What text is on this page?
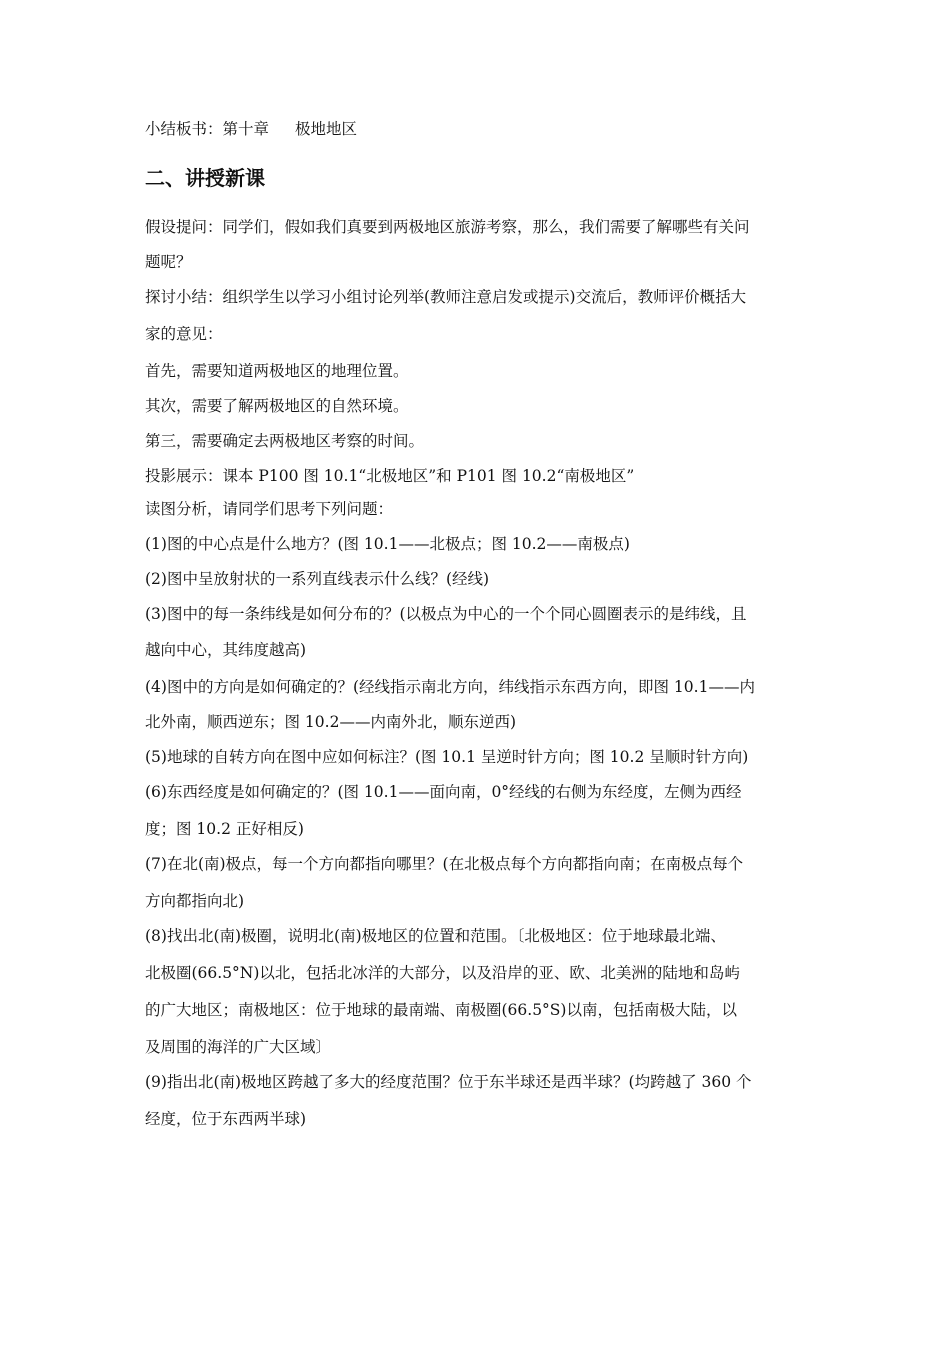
小结板书：第十章 极地地区
二、讲授新课
假设提问：同学们，假如我们真要到两极地区旅游考察，那么，我们需要了解哪些有关问
题呢？
探讨小结：组织学生以学习小组讨论列举(教师注意启发或提示)交流后，教师评价概括大
家的意见：
首先，需要知道两极地区的地理位置。
其次，需要了解两极地区的自然环境。
第三，需要确定去两极地区考察的时间。
投影展示：课本 P100 图 10.1“北极地区”和 P101 图 10.2“南极地区”
读图分析，请同学们思考下列问题：
(1)图的中心点是什么地方？(图 10.1——北极点；图 10.2——南极点)
(2)图中呈放射状的一系列直线表示什么线？(经线)
(3)图中的每一条纬线是如何分布的？(以极点为中心的一个个同心圆圈表示的是纬线，且
越向中心，其纬度越高)
(4)图中的方向是如何确定的？(经线指示南北方向，纬线指示东西方向，即图 10.1——内
北外南，顺西逆东；图 10.2——内南外北，顺东逆西)
(5)地球的自转方向在图中应如何标注？(图 10.1 呈逆时针方向；图 10.2 呈顺时针方向)
(6)东西经度是如何确定的？(图 10.1——面向南，0°经线的右侧为东经度，左侧为西经
度；图 10.2 正好相反)
(7)在北(南)极点，每一个方向都指向哪里？(在北极点每个方向都指向南；在南极点每个
方向都指向北)
(8)找出北(南)极圈，说明北(南)极地区的位置和范围。〔北极地区：位于地球最北端、
北极圈(66.5°N)以北，包括北冰洋的大部分，以及沿岸的亚、欧、北美洲的陆地和岛屿
的广大地区；南极地区：位于地球的最南端、南极圈(66.5°S)以南，包括南极大陆，以
及周围的海洋的广大区域〕
(9)指出北(南)极地区跨越了多大的经度范围？位于东半球还是西半球？(均跨越了 360 个
经度，位于东西两半球)
